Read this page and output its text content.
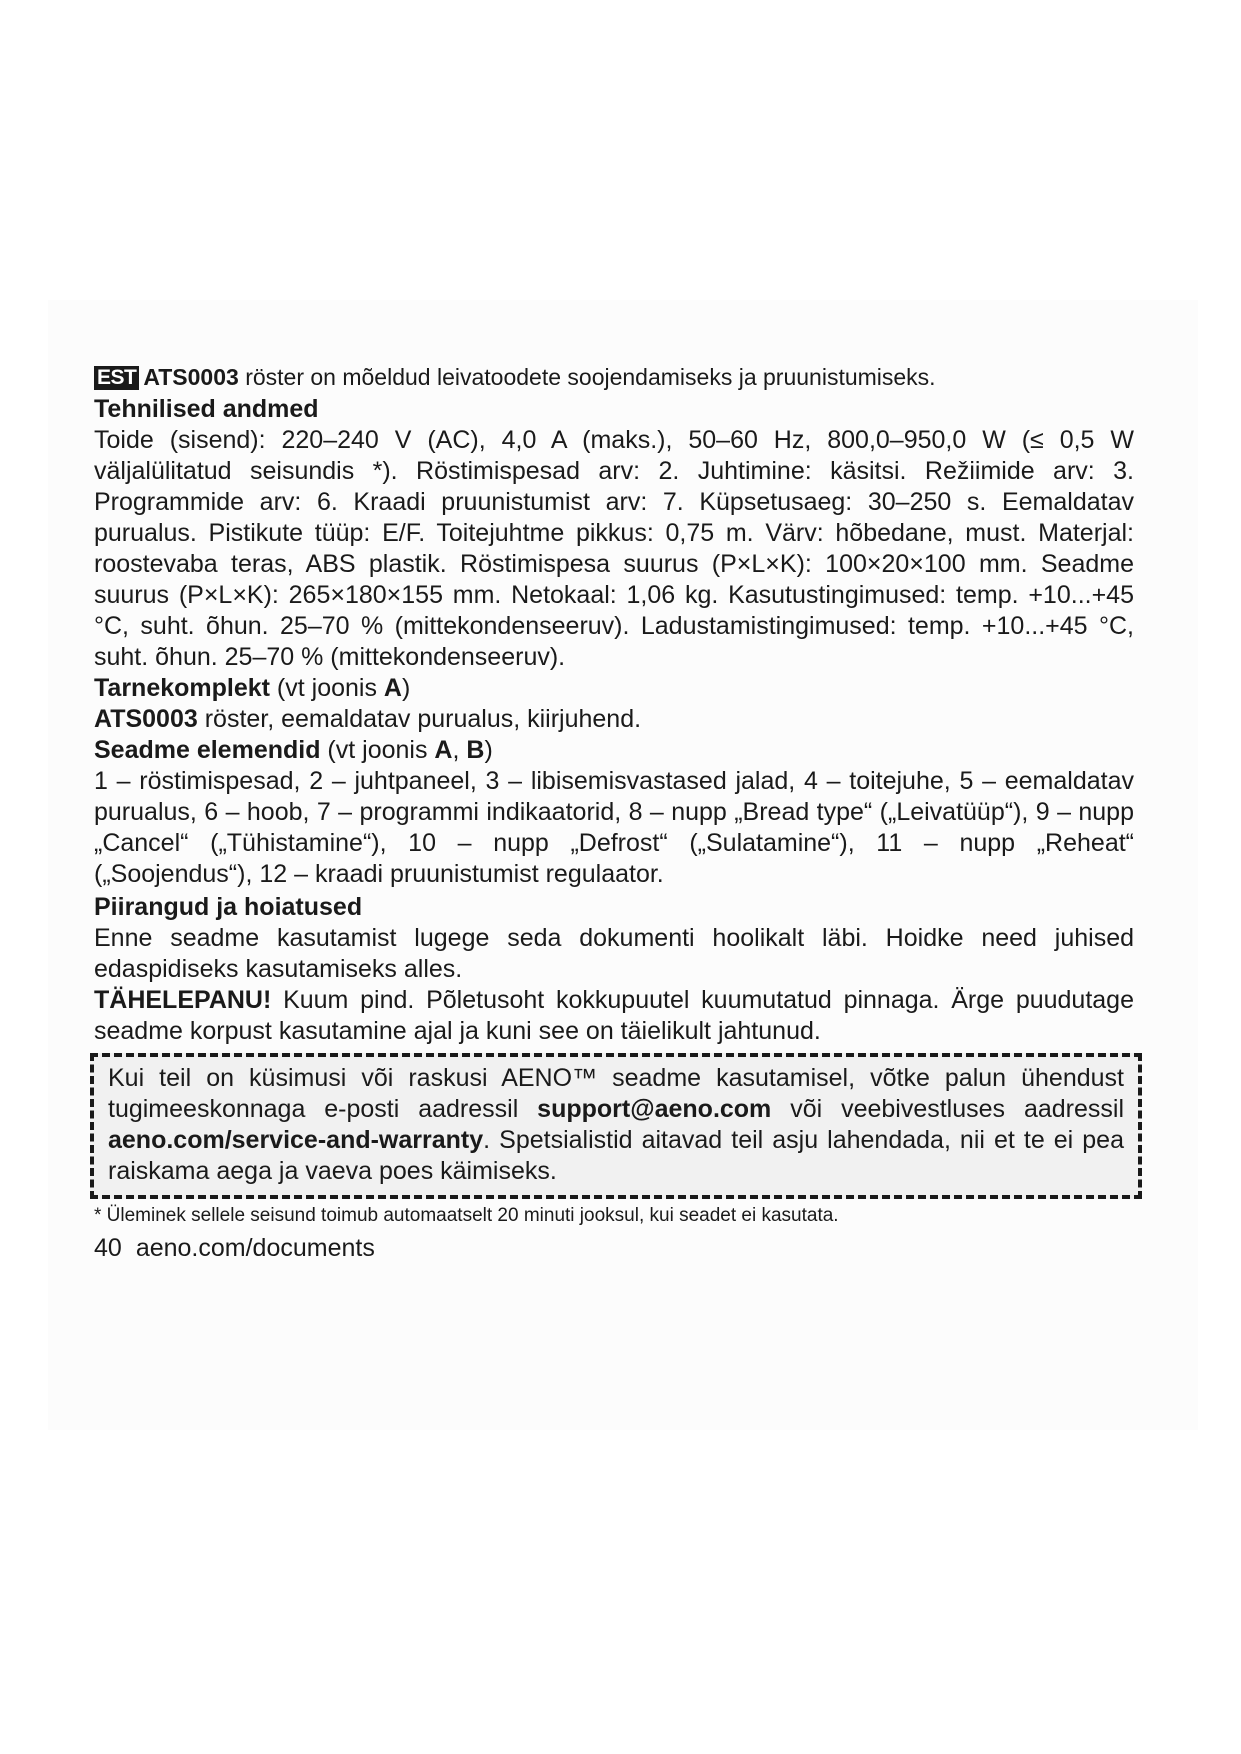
EST ATS0003 röster on mõeldud leivatoodete soojendamiseks ja pruunistumiseks.
Tehnilised andmed
Toide (sisend): 220–240 V (AC), 4,0 A (maks.), 50–60 Hz, 800,0–950,0 W (≤ 0,5 W väljalülitatud seisundis *). Röstimispesad arv: 2. Juhtimine: käsitsi. Režiimide arv: 3. Programmide arv: 6. Kraadi pruunistumist arv: 7. Küpsetusaeg: 30–250 s. Eemaldatav purualus. Pistikute tüüp: E/F. Toitejuhtme pikkus: 0,75 m. Värv: hõbedane, must. Materjal: roostevaba teras, ABS plastik. Röstimispesa suurus (P×L×K): 100×20×100 mm. Seadme suurus (P×L×K): 265×180×155 mm. Netokaal: 1,06 kg. Kasutustingimused: temp. +10...+45 °C, suht. õhun. 25–70 % (mittekondenseeruv). Ladustamistingimused: temp. +10...+45 °C, suht. õhun. 25–70 % (mittekondenseeruv).
Tarnekomplekt (vt joonis A)
ATS0003 röster, eemaldatav purualus, kiirjuhend.
Seadme elemendid (vt joonis A, B)
1 – röstimispesad, 2 – juhtpaneel, 3 – libisemisvastased jalad, 4 – toitejuhe, 5 – eemaldatav purualus, 6 – hoob, 7 – programmi indikaatorid, 8 – nupp „Bread type“ („Leivatüüp“), 9 – nupp „Cancel“ („Tühistamine“), 10 – nupp „Defrost“ („Sulatamine“), 11 – nupp „Reheat“ („Soojendus“), 12 – kraadi pruunistumist regulaator.
Piirangud ja hoiatused
Enne seadme kasutamist lugege seda dokumenti hoolikalt läbi. Hoidke need juhised edaspidiseks kasutamiseks alles.
TÄHELEPANU! Kuum pind. Põletusoht kokkupuutel kuumutatud pinnaga. Ärge puudutage seadme korpust kasutamine ajal ja kuni see on täielikult jahtunud.
Kui teil on küsimusi või raskusi AENO™ seadme kasutamisel, võtke palun ühendust tugimeeskonnaga e-posti aadressil support@aeno.com või veebivestluses aadressil aeno.com/service-and-warranty. Spetsialistid aitavad teil asju lahendada, nii et te ei pea raiskama aega ja vaeva poes käimiseks.
* Üleminek sellele seisund toimub automaatselt 20 minuti jooksul, kui seadet ei kasutata.
40 aeno.com/documents
